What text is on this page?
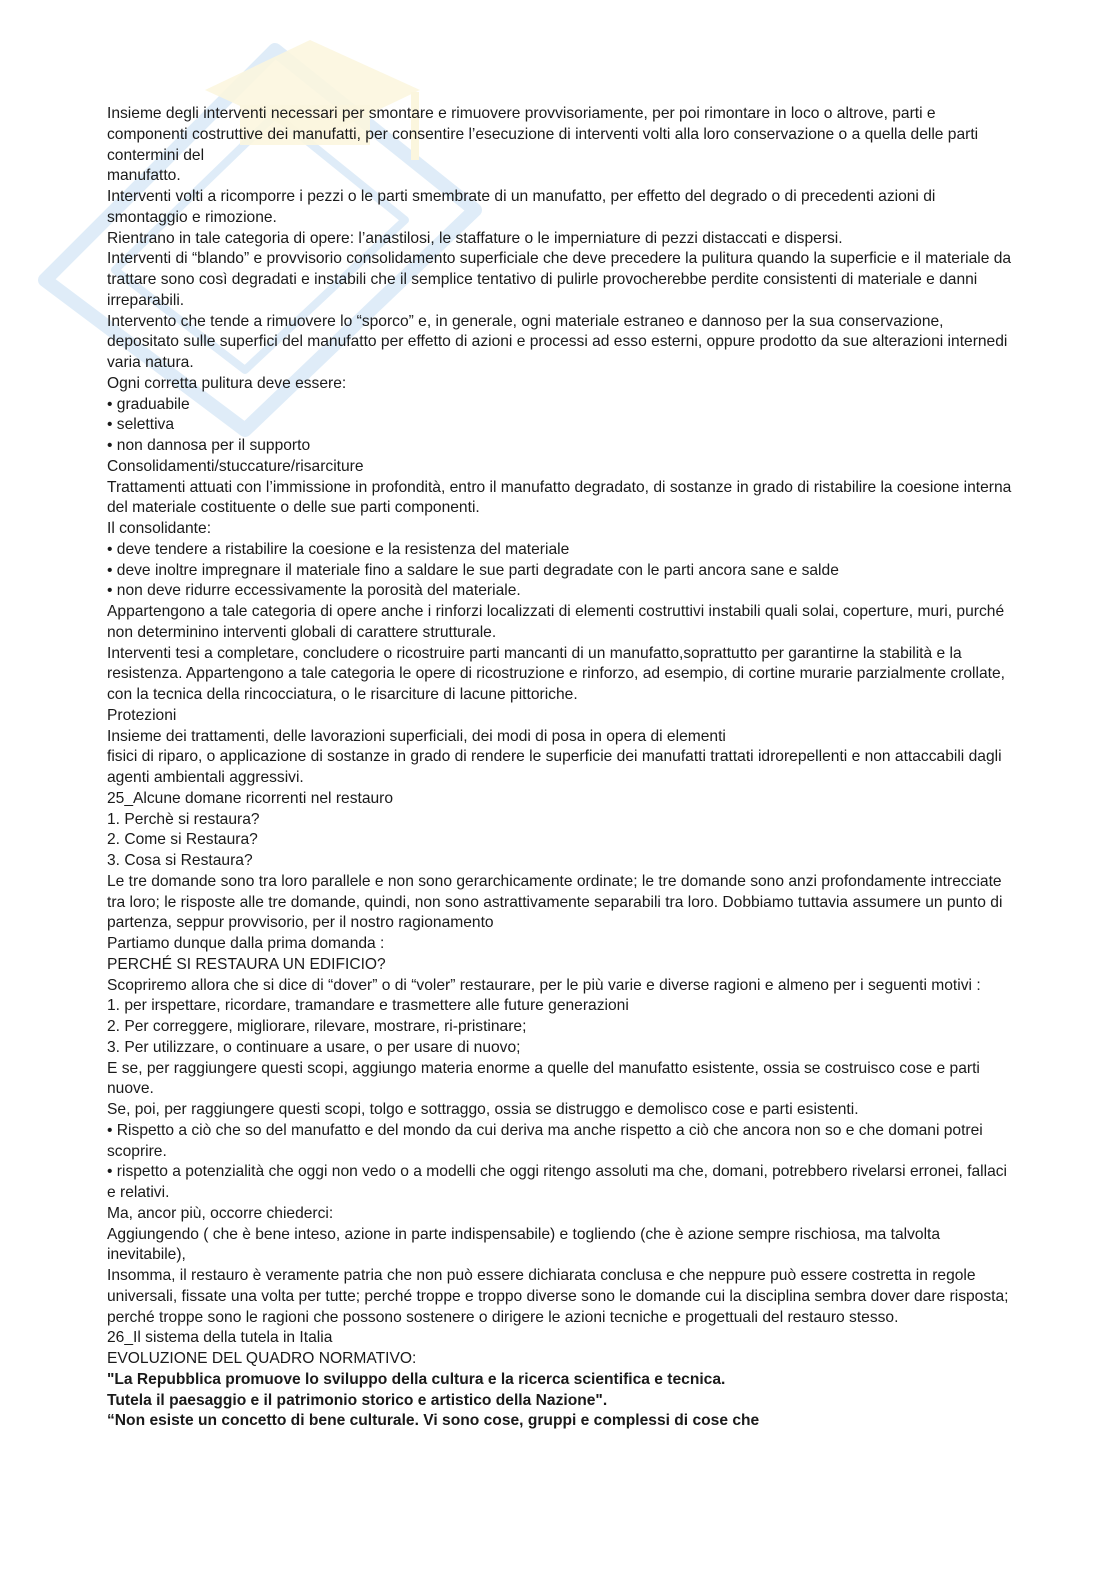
Insieme degli interventi necessari per smontare e rimuovere provvisoriamente, per poi rimontare in loco o altrove, parti e componenti costruttive dei manufatti, per consentire l’esecuzione di interventi volti alla loro conservazione o a quella delle parti contermini del

manufatto.

Interventi volti a ricomporre i pezzi o le parti smembrate di un manufatto, per effetto del degrado o di precedenti azioni di smontaggio e rimozione.

Rientrano in tale categoria di opere: l’anastilosi, le staffature o le imperniature di pezzi distaccati e dispersi.

Interventi di “blando” e provvisorio consolidamento superficiale che deve precedere la pulitura quando la superficie e il materiale da trattare sono così degradati e instabili che il semplice tentativo di pulirle provocherebbe perdite consistenti di materiale e danni irreparabili.

Intervento che tende a rimuovere lo “sporco” e, in generale, ogni materiale estraneo e dannoso per la sua conservazione, depositato sulle superfici del manufatto per effetto di azioni e processi ad esso esterni, oppure prodotto da sue alterazioni internedi varia natura.

Ogni corretta pulitura deve essere:

• graduabile

• selettiva

• non dannosa per il supporto

Consolidamenti/stuccature/risarciture

Trattamenti attuati con l’immissione in profondità, entro il manufatto degradato, di sostanze in grado di ristabilire la coesione interna del materiale costituente o delle sue parti componenti.

Il consolidante:

• deve tendere a ristabilire la coesione e la resistenza del materiale

• deve inoltre impregnare il materiale fino a saldare le sue parti degradate con le parti ancora sane e salde

• non deve ridurre eccessivamente la porosità del materiale.

Appartengono a tale categoria di opere anche i rinforzi localizzati di elementi costruttivi instabili quali solai, coperture, muri, purché non determinino interventi globali di carattere strutturale.

Interventi tesi a completare, concludere o ricostruire parti mancanti di un manufatto,soprattutto per garantirne la stabilità e la resistenza. Appartengono a tale categoria le opere di ricostruzione e rinforzo, ad esempio, di cortine murarie parzialmente crollate, con la tecnica della rincocciatura, o le risarciture di lacune pittoriche.

Protezioni

Insieme dei trattamenti, delle lavorazioni superficiali, dei modi di posa in opera di elementi

fisici di riparo, o applicazione di sostanze in grado di rendere le superficie dei manufatti trattati idrorepellenti e non attaccabili dagli agenti ambientali aggressivi.

25_Alcune domane ricorrenti nel restauro

1. Perchè si restaura?

2. Come si Restaura?

3. Cosa si Restaura?

Le tre domande sono tra loro parallele e non sono gerarchicamente ordinate; le tre domande sono anzi profondamente intrecciate tra loro; le risposte alle tre domande, quindi, non sono astrattivamente separabili tra loro. Dobbiamo tuttavia assumere un punto di partenza, seppur provvisorio, per il nostro ragionamento

Partiamo dunque dalla prima domanda :

PERCHÉ SI RESTAURA UN EDIFICIO?

Scopriremo allora che si dice di “dover” o di “voler” restaurare, per le più varie e diverse ragioni e almeno per i seguenti motivi :

1. per irspettare, ricordare, tramandare e trasmettere alle future generazioni

2. Per correggere, migliorare, rilevare, mostrare, ri-pristinare;

3. Per utilizzare, o continuare a usare, o per usare di nuovo;

E se, per raggiungere questi scopi, aggiungo materia enorme a quelle del manufatto esistente, ossia se costruisco cose e parti nuove.

Se, poi, per raggiungere questi scopi, tolgo e sottraggo, ossia se distruggo e demolisco cose e parti esistenti.

• Rispetto a ciò che so del manufatto e del mondo da cui deriva ma anche rispetto a ciò che ancora non so e che domani potrei scoprire.

• rispetto a potenzialità che oggi non vedo o a modelli che oggi ritengo assoluti ma che, domani, potrebbero rivelarsi erronei, fallaci e relativi.

Ma, ancor più, occorre chiederci:

Aggiungendo ( che è bene inteso, azione in parte indispensabile) e togliendo (che è azione sempre rischiosa, ma talvolta inevitabile),

Insomma, il restauro è veramente patria che non può essere dichiarata conclusa e che neppure può essere costretta in regole universali, fissate una volta per tutte; perché troppe e troppo diverse sono le domande cui la disciplina sembra dover dare risposta; perché troppe sono le ragioni che possono sostenere o dirigere le azioni tecniche e progettuali del restauro stesso.

26_Il sistema della tutela in Italia

EVOLUZIONE DEL QUADRO NORMATIVO:

"La Repubblica promuove lo sviluppo della cultura e la ricerca scientifica e tecnica.

Tutela il paesaggio e il patrimonio storico e artistico della Nazione".

“Non esiste un concetto di bene culturale. Vi sono cose, gruppi e complessi di cose che
